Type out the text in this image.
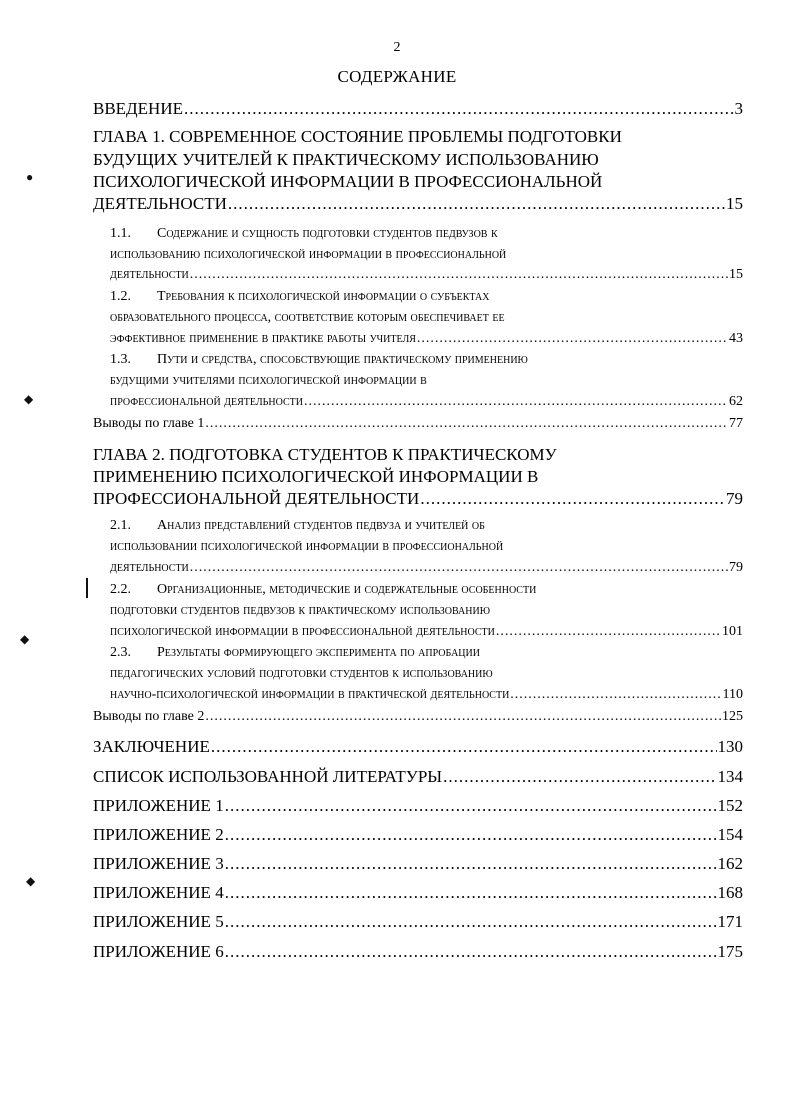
2
СОДЕРЖАНИЕ
ВВЕДЕНИЕ .....	3
ГЛАВА 1. СОВРЕМЕННОЕ СОСТОЯНИЕ ПРОБЛЕМЫ ПОДГОТОВКИ
БУДУЩИХ УЧИТЕЛЕЙ К ПРАКТИЧЕСКОМУ ИСПОЛЬЗОВАНИЮ
ПСИХОЛОГИЧЕСКОЙ ИНФОРМАЦИИ В ПРОФЕССИОНАЛЬНОЙ
ДЕЯТЕЛЬНОСТИ .....	15
1.1. Содержание и сущность подготовки студентов педвузов к
использованию психологической информации в профессиональной
деятельности .....	15
1.2. Требования к психологической информации о субъектах
образовательного процесса, соответствие которым обеспечивает ее
эффективное применение в практике работы учителя .....	43
1.3. Пути и средства, способствующие практическому применению
будущими учителями психологической информации в
профессиональной деятельности .....	62
Выводы по главе 1 .....	77
ГЛАВА 2. ПОДГОТОВКА СТУДЕНТОВ К ПРАКТИЧЕСКОМУ
ПРИМЕНЕНИЮ ПСИХОЛОГИЧЕСКОЙ ИНФОРМАЦИИ В
ПРОФЕССИОНАЛЬНОЙ ДЕЯТЕЛЬНОСТИ .....	79
2.1. Анализ представлений студентов педвуза и учителей об
использовании психологической информации в профессиональной
деятельности .....	79
2.2. Организационные, методические и содержательные особенности
подготовки студентов педвузов к практическому использованию
психологической информации в профессиональной деятельности .....	101
2.3. Результаты формирующего эксперимента по апробации
педагогических условий подготовки студентов к использованию
научно-психологической информации в практической деятельности .....	110
Выводы по главе 2 .....	125
ЗАКЛЮЧЕНИЕ .....	130
СПИСОК ИСПОЛЬЗОВАННОЙ ЛИТЕРАТУРЫ .....	134
ПРИЛОЖЕНИЕ 1 .....	152
ПРИЛОЖЕНИЕ 2 .....	154
ПРИЛОЖЕНИЕ 3 .....	162
ПРИЛОЖЕНИЕ 4 .....	168
ПРИЛОЖЕНИЕ 5 .....	171
ПРИЛОЖЕНИЕ 6 .....	175
●
◆
◆
◆
